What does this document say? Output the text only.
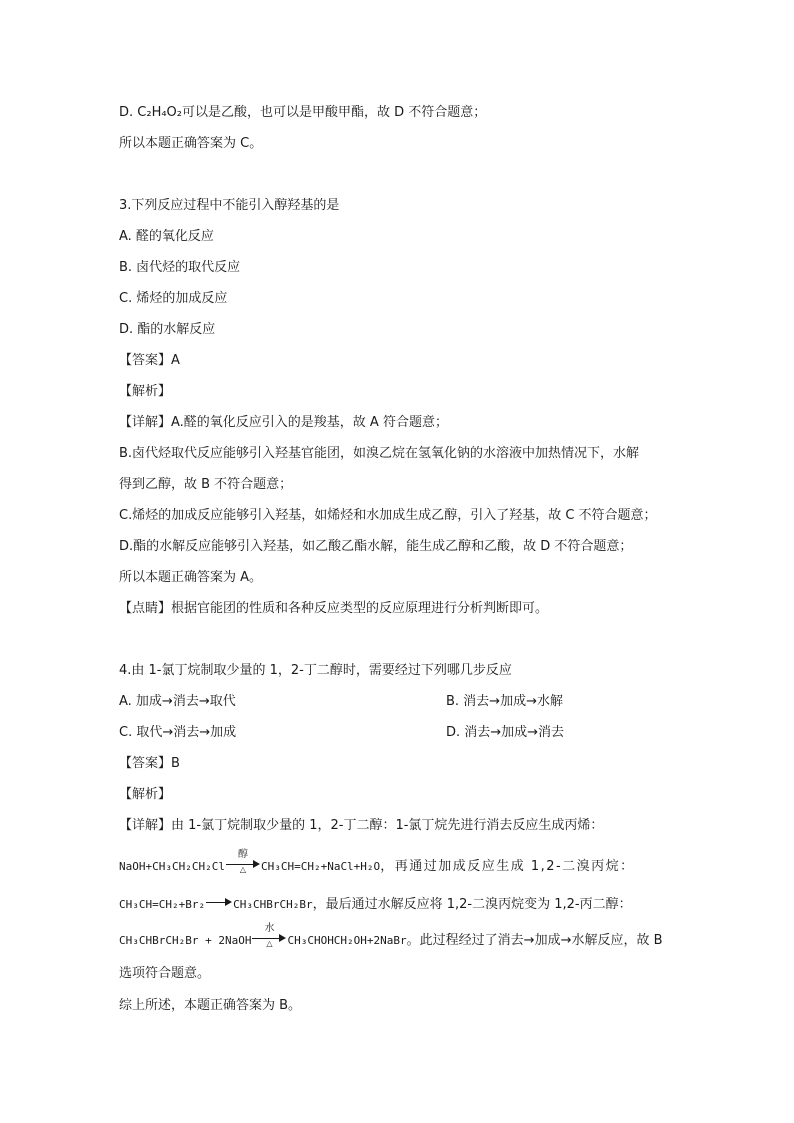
D. C₂H₄O₂可以是乙酸，也可以是甲酸甲酯，故 D 不符合题意；
所以本题正确答案为 C。
3.下列反应过程中不能引入醇羟基的是
A. 醛的氧化反应
B. 卤代烃的取代反应
C. 烯烃的加成反应
D. 酯的水解反应
【答案】A
【解析】
【详解】A.醛的氧化反应引入的是羧基，故 A 符合题意；
B.卤代烃取代反应能够引入羟基官能团，如溴乙烷在氢氧化钠的水溶液中加热情况下，水解
得到乙醇，故 B 不符合题意；
C.烯烃的加成反应能够引入羟基，如烯烃和水加成生成乙醇，引入了羟基，故 C 不符合题意；
D.酯的水解反应能够引入羟基，如乙酸乙酯水解，能生成乙醇和乙酸，故 D 不符合题意；
所以本题正确答案为 A。
【点睛】根据官能团的性质和各种反应类型的反应原理进行分析判断即可。
4.由 1-氯丁烷制取少量的 1，2-丁二醇时，需要经过下列哪几步反应
A. 加成→消去→取代	B. 消去→加成→水解
C. 取代→消去→加成	D. 消去→加成→消去
【答案】B
【解析】
【详解】由 1-氯丁烷制取少量的 1，2-丁二醇：1-氯丁烷先进行消去反应生成丙烯：
NaOH+CH₃CH₂CH₂Cl
醇
△	CH₃CH=CH₂+NaCl+H₂O，再通过加成反应生成 1,2-二溴丙烷：
CH₃CH=CH₂+Br₂	CH₃CHBrCH₂Br，最后通过水解反应将 1,2-二溴丙烷变为 1,2-丙二醇：
CH₃CHBrCH₂Br + 2NaOH
水
△	CH₃CHOHCH₂OH+2NaBr。此过程经过了消去→加成→水解反应，故 B
选项符合题意。
综上所述，本题正确答案为 B。
